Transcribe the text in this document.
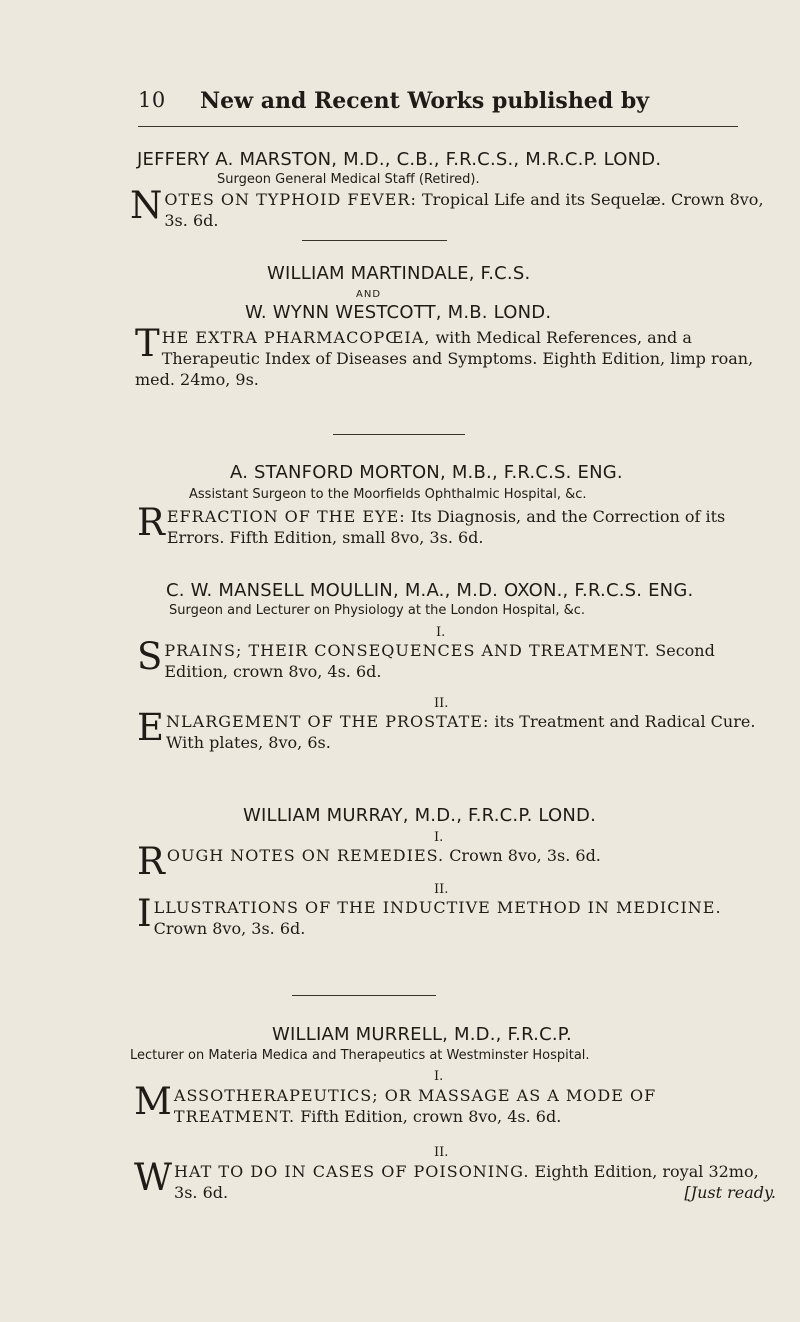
10 New and Recent Works published by
JEFFERY A. MARSTON, M.D., C.B., F.R.C.S., M.R.C.P. LOND.
Surgeon General Medical Staff (Retired).
N OTES ON TYPHOID FEVER: Tropical Life and its Sequelæ. Crown 8vo, 3s. 6d.
WILLIAM MARTINDALE, F.C.S.
AND
W. WYNN WESTCOTT, M.B. LOND.
T HE EXTRA PHARMACOPŒIA, with Medical References, and a Therapeutic Index of Diseases and Symptoms. Eighth Edition, limp roan, med. 24mo, 9s.
A. STANFORD MORTON, M.B., F.R.C.S. ENG.
Assistant Surgeon to the Moorfields Ophthalmic Hospital, &c.
R EFRACTION OF THE EYE: Its Diagnosis, and the Correction of its Errors. Fifth Edition, small 8vo, 3s. 6d.
C. W. MANSELL MOULLIN, M.A., M.D. OXON., F.R.C.S. ENG.
Surgeon and Lecturer on Physiology at the London Hospital, &c.
I.
S PRAINS; THEIR CONSEQUENCES AND TREATMENT. Second Edition, crown 8vo, 4s. 6d.
II.
E NLARGEMENT OF THE PROSTATE: its Treatment and Radical Cure. With plates, 8vo, 6s.
WILLIAM MURRAY, M.D., F.R.C.P. LOND.
I.
R OUGH NOTES ON REMEDIES. Crown 8vo, 3s. 6d.
II.
I LLUSTRATIONS OF THE INDUCTIVE METHOD IN MEDICINE. Crown 8vo, 3s. 6d.
WILLIAM MURRELL, M.D., F.R.C.P.
Lecturer on Materia Medica and Therapeutics at Westminster Hospital.
I.
M ASSOTHERAPEUTICS; OR MASSAGE AS A MODE OF TREATMENT. Fifth Edition, crown 8vo, 4s. 6d.
II.
W HAT TO DO IN CASES OF POISONING. Eighth Edition, royal 32mo, 3s. 6d.	[Just ready.
